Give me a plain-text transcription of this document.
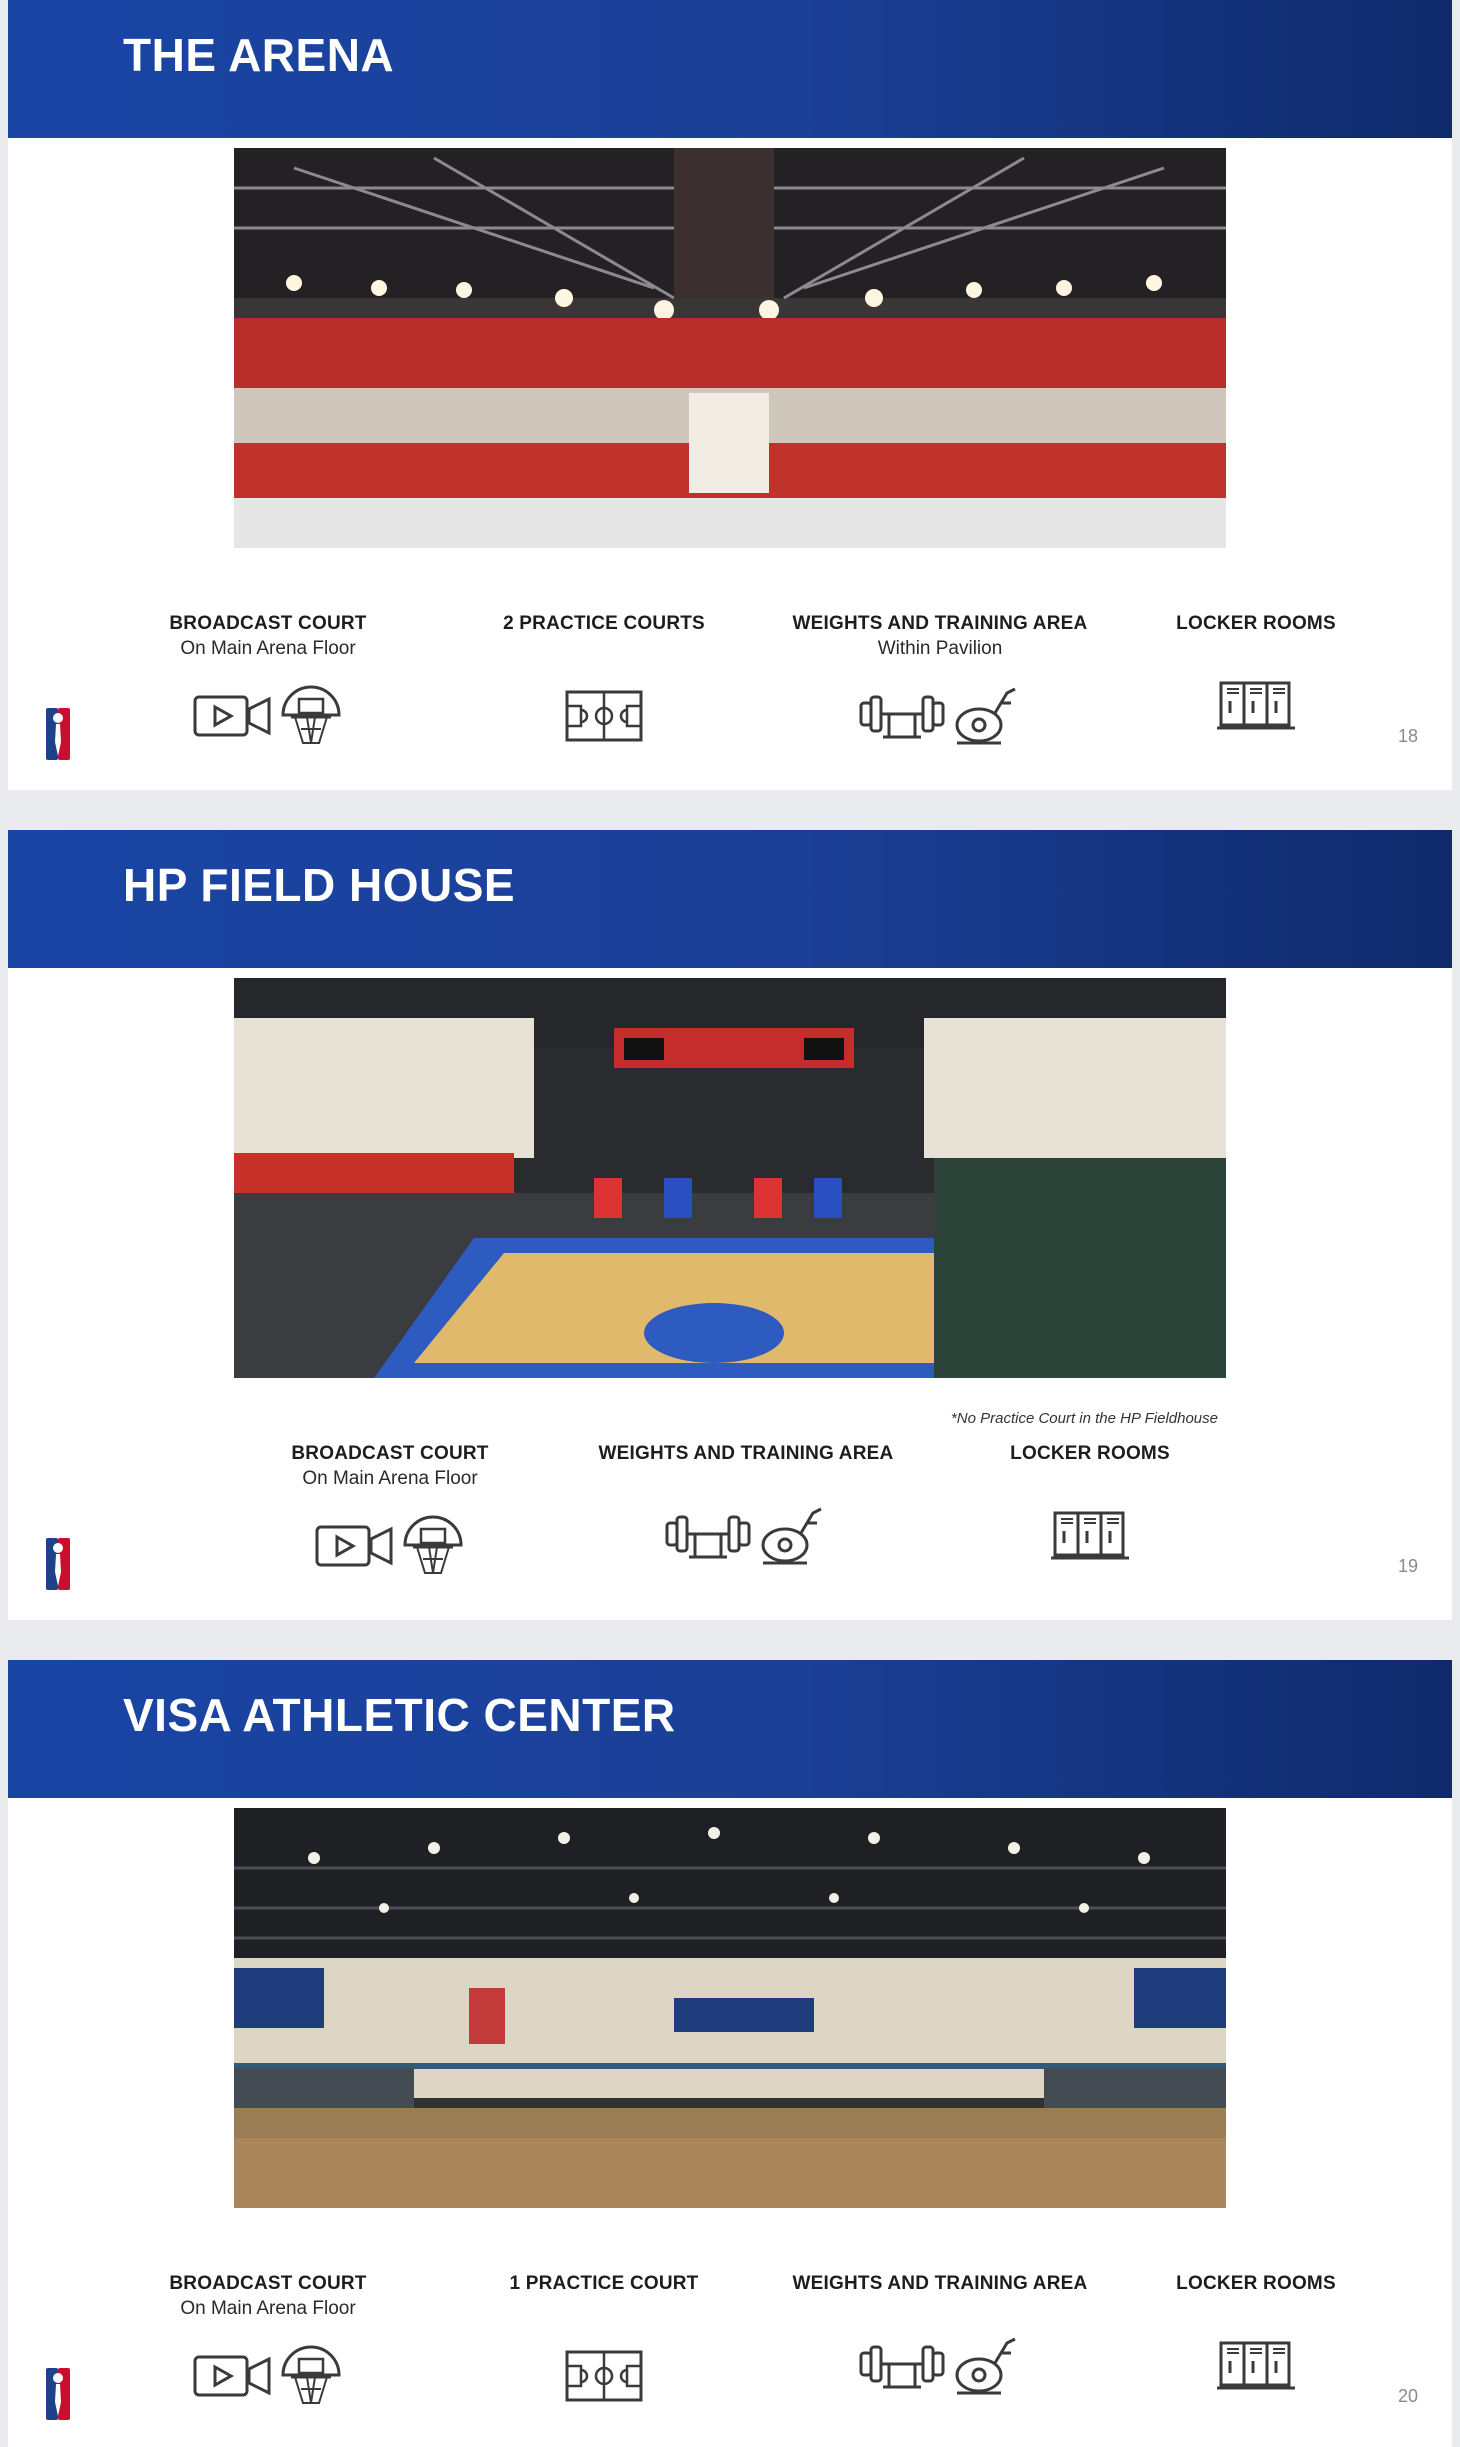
THE ARENA
BROADCAST COURT
On Main Arena Floor
2 PRACTICE COURTS	WEIGHTS AND TRAINING AREA
Within Pavilion
LOCKER ROOMS
18
HP FIELD HOUSE
*No Practice Court in the HP Fieldhouse
BROADCAST COURT
On Main Arena Floor
WEIGHTS AND TRAINING AREA	LOCKER ROOMS
19
VISA ATHLETIC CENTER
BROADCAST COURT
On Main Arena Floor
1 PRACTICE COURT	WEIGHTS AND TRAINING AREA	LOCKER ROOMS
20
